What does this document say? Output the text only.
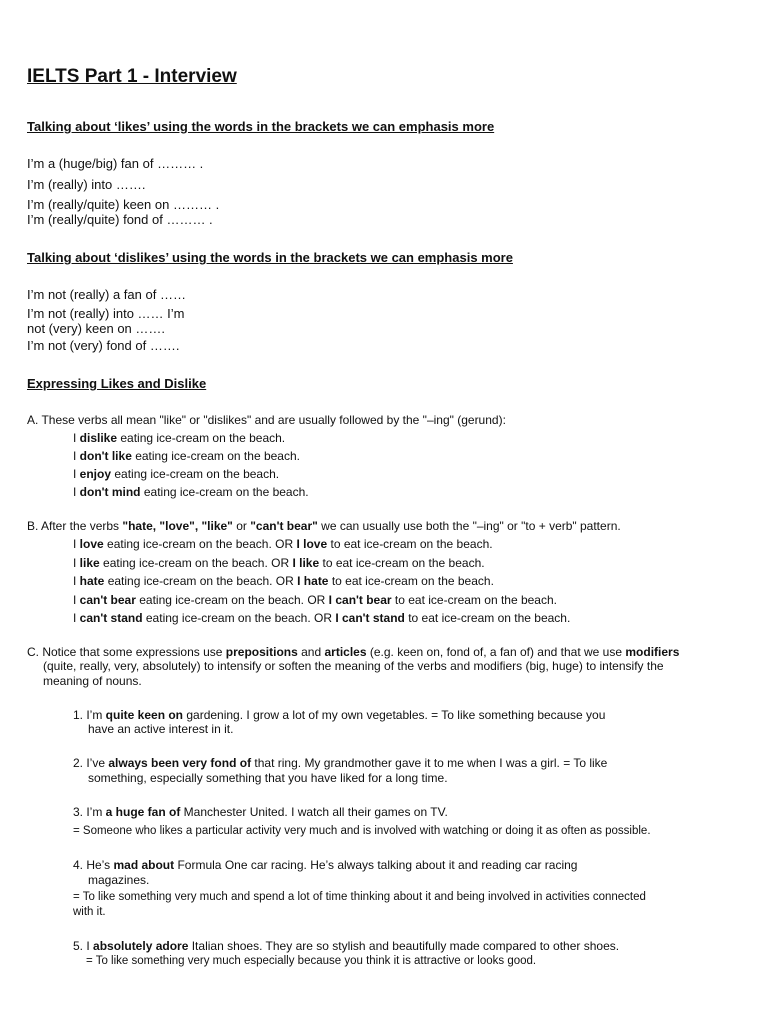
IELTS Part 1 - Interview
Talking about ‘likes’ using the words in the brackets we can emphasis more
I’m a (huge/big) fan of ……… .
I’m (really) into …….
I’m (really/quite) keen on ……… .
I’m (really/quite) fond of ……… .
Talking about ‘dislikes’ using the words in the brackets we can emphasis more
I’m not (really) a fan of ……
I’m not (really) into …… I’m
not (very) keen on …….
I’m not (very) fond of …….
Expressing Likes and Dislike
A. These verbs all mean "like" or "dislikes" and are usually followed by the "–ing" (gerund):
I dislike eating ice-cream on the beach.
I don't like eating ice-cream on the beach.
I enjoy eating ice-cream on the beach.
I don't mind eating ice-cream on the beach.
B. After the verbs "hate, "love", "like" or "can't bear" we can usually use both the "–ing" or "to + verb" pattern.
I love eating ice-cream on the beach. OR I love to eat ice-cream on the beach.
I like eating ice-cream on the beach. OR I like to eat ice-cream on the beach.
I hate eating ice-cream on the beach. OR I hate to eat ice-cream on the beach.
I can't bear eating ice-cream on the beach. OR I can't bear to eat ice-cream on the beach.
I can't stand eating ice-cream on the beach. OR I can't stand to eat ice-cream on the beach.
C. Notice that some expressions use prepositions and articles (e.g. keen on, fond of, a fan of) and that we use modifiers
(quite, really, very, absolutely) to intensify or soften the meaning of the verbs and modifiers (big, huge) to intensify the
meaning of nouns.
1. I’m quite keen on gardening. I grow a lot of my own vegetables. = To like something because you
have an active interest in it.
2. I’ve always been very fond of that ring. My grandmother gave it to me when I was a girl. = To like
something, especially something that you have liked for a long time.
3. I’m a huge fan of Manchester United. I watch all their games on TV.
= Someone who likes a particular activity very much and is involved with watching or doing it as often as possible.
4. He’s mad about Formula One car racing. He’s always talking about it and reading car racing
magazines.
= To like something very much and spend a lot of time thinking about it and being involved in activities connected
with it.
5. I absolutely adore Italian shoes. They are so stylish and beautifully made compared to other shoes.
= To like something very much especially because you think it is attractive or looks good.
